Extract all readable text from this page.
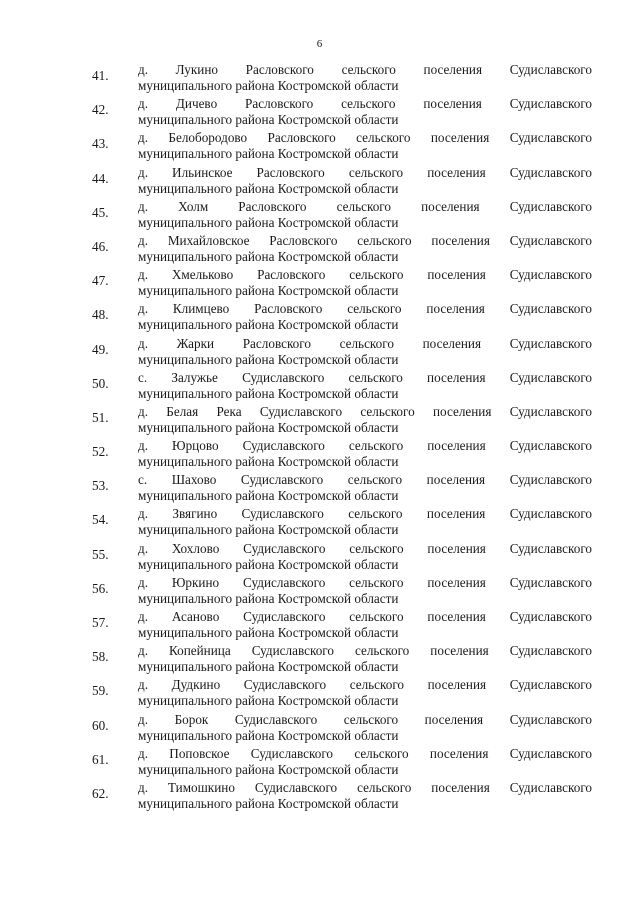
6
41.	д. Лукино Расловского сельского поселения Судиславского
муниципального района Костромской области
42.	д. Дичево Расловского сельского поселения Судиславского
муниципального района Костромской области
43.	д. Белобородово Расловского сельского поселения Судиславского
муниципального района Костромской области
44.	д. Ильинское Расловского сельского поселения Судиславского
муниципального района Костромской области
45.	д. Холм Расловского сельского поселения Судиславского
муниципального района Костромской области
46.	д. Михайловское Расловского сельского поселения Судиславского
муниципального района Костромской области
47.	д. Хмельково Расловского сельского поселения Судиславского
муниципального района Костромской области
48.	д. Климцево Расловского сельского поселения Судиславского
муниципального района Костромской области
49.	д. Жарки Расловского сельского поселения Судиславского
муниципального района Костромской области
50.	с. Залужье Судиславского сельского поселения Судиславского
муниципального района Костромской области
51.	д. Белая Река Судиславского сельского поселения Судиславского
муниципального района Костромской области
52.	д. Юрцово Судиславского сельского поселения Судиславского
муниципального района Костромской области
53.	с. Шахово Судиславского сельского поселения Судиславского
муниципального района Костромской области
54.	д. Звягино Судиславского сельского поселения Судиславского
муниципального района Костромской области
55.	д. Хохлово Судиславского сельского поселения Судиславского
муниципального района Костромской области
56.	д. Юркино Судиславского сельского поселения Судиславского
муниципального района Костромской области
57.	д. Асаново Судиславского сельского поселения Судиславского
муниципального района Костромской области
58.	д. Копейница Судиславского сельского поселения Судиславского
муниципального района Костромской области
59.	д. Дудкино Судиславского сельского поселения Судиславского
муниципального района Костромской области
60.	д. Борок Судиславского сельского поселения Судиславского
муниципального района Костромской области
61.	д. Поповское Судиславского сельского поселения Судиславского
муниципального района Костромской области
62.	д. Тимошкино Судиславского сельского поселения Судиславского
муниципального района Костромской области
